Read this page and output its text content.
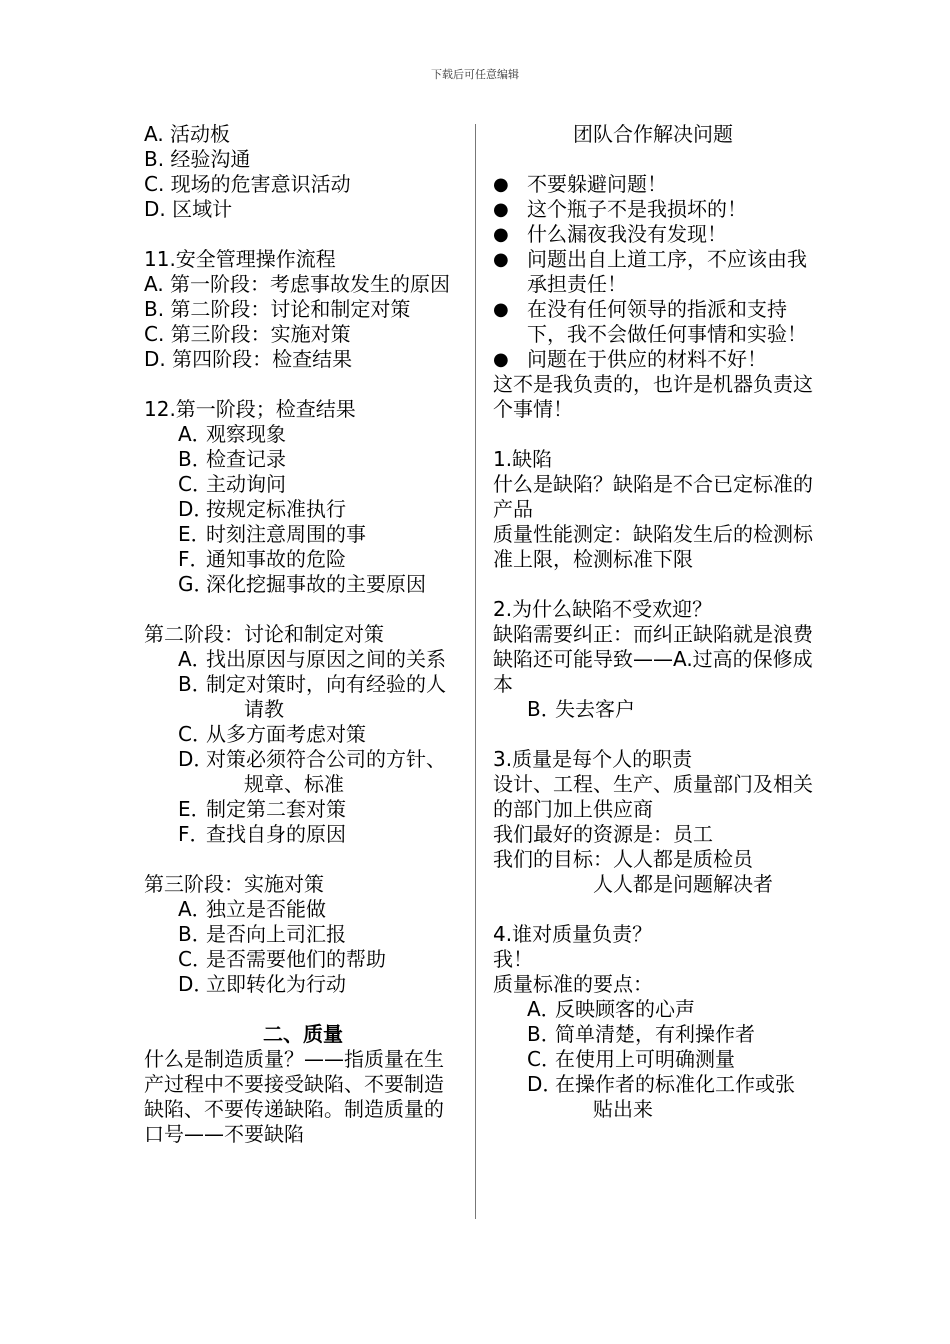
下载后可任意编辑
A. 活动板
B. 经验沟通
C. 现场的危害意识活动
D. 区域计
11.安全管理操作流程
A. 第一阶段：考虑事故发生的原因
B. 第二阶段：讨论和制定对策
C. 第三阶段：实施对策
D. 第四阶段：检查结果
12.第一阶段；检查结果
A．
观察现象
B．
检查记录
C．
主动询问
D．
按规定标准执行
E．
时刻注意周围的事
F．
通知事故的危险
G．
深化挖掘事故的主要原因
第二阶段：讨论和制定对策
A．
找出原因与原因之间的关系
B．
制定对策时，向有经验的人请教
C．
从多方面考虑对策
D．
对策必须符合公司的方针、规章、标准
E．
制定第二套对策
F．
查找自身的原因
第三阶段：实施对策
A．
独立是否能做
B．
是否向上司汇报
C．
是否需要他们的帮助
D．
立即转化为行动
二、质量
什么是制造质量？——指质量在生产过程中不要接受缺陷、不要制造缺陷、不要传递缺陷。制造质量的口号——不要缺陷
团队合作解决问题
● 不要躲避问题！
● 这个瓶子不是我损坏的！
● 什么漏夜我没有发现！
● 问题出自上道工序，不应该由我承担责任！
● 在没有任何领导的指派和支持下，我不会做任何事情和实验！
● 问题在于供应的材料不好！
这不是我负责的，也许是机器负责这个事情！
1.缺陷
什么是缺陷？缺陷是不合已定标准的产品
质量性能测定：缺陷发生后的检测标准上限，检测标准下限
2.为什么缺陷不受欢迎？
缺陷需要纠正：而纠正缺陷就是浪费
缺陷还可能导致——A.过高的保修成本
B．
失去客户
3.质量是每个人的职责
设计、工程、生产、质量部门及相关的部门加上供应商
我们最好的资源是：员工
我们的目标：人人都是质检员
人人都是问题解决者
4.谁对质量负责？
我！
质量标准的要点：
A．
反映顾客的心声
B．
简单清楚，有利操作者
C．
在使用上可明确测量
D．
在操作者的标准化工作或张贴出来
